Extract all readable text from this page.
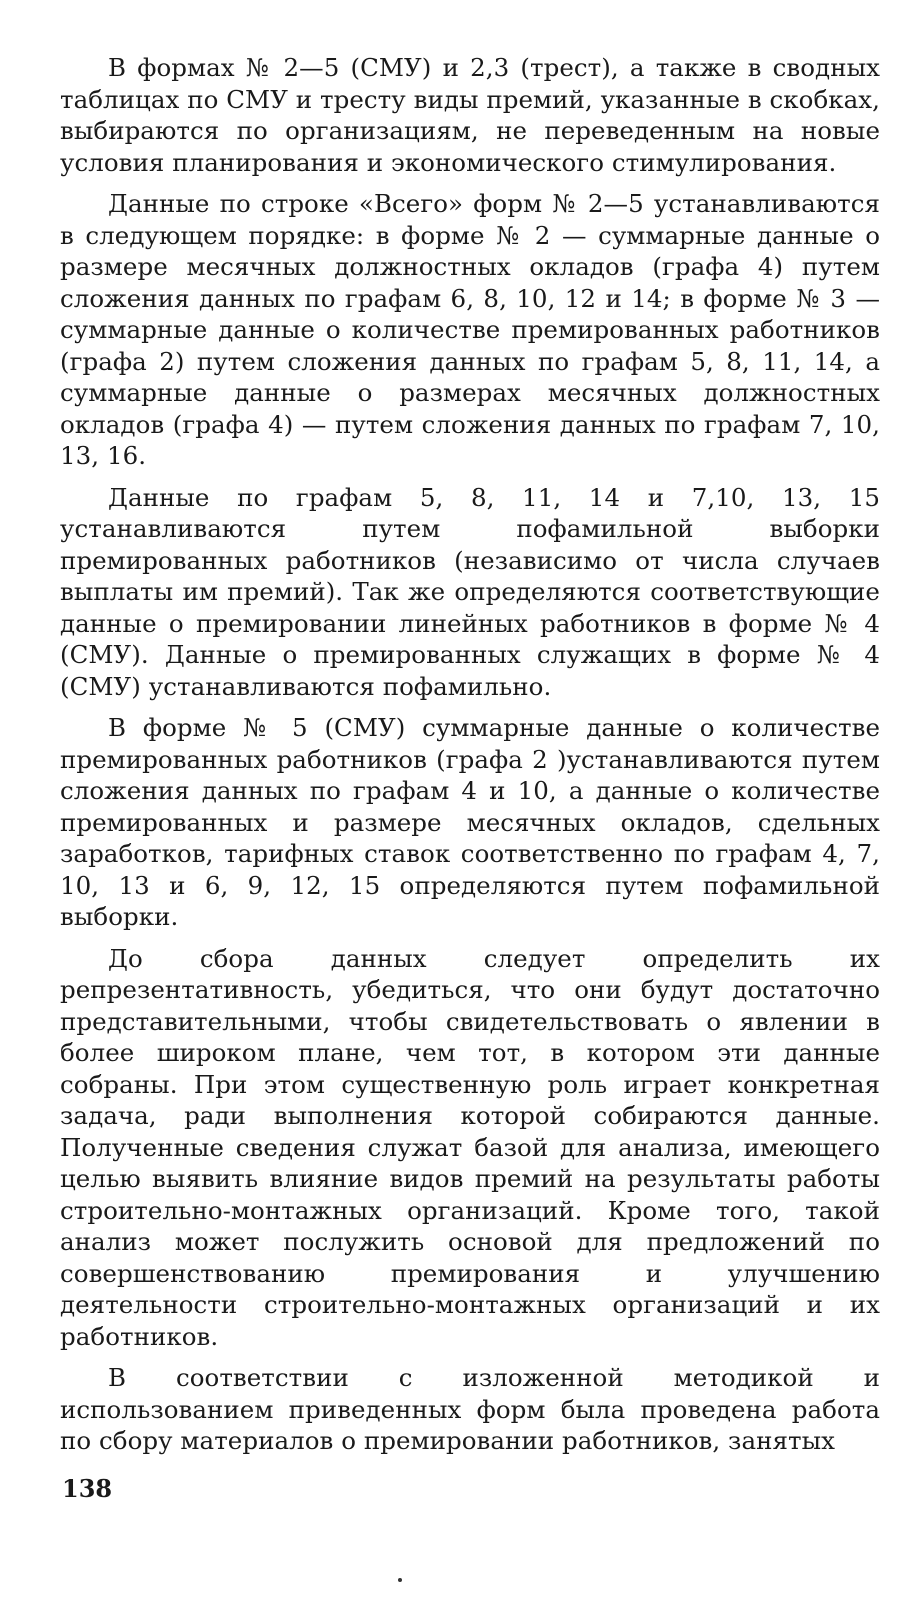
В формах № 2—5 (СМУ) и 2,3 (трест), а также в сводных таблицах по СМУ и тресту виды премий, указанные в скобках, выбираются по организациям, не переведенным на новые условия планирования и экономического стимулирования.

Данные по строке «Всего» форм № 2—5 устанавливаются в следующем порядке: в форме № 2 — суммарные данные о размере месячных должностных окладов (графа 4) путем сложения данных по графам 6, 8, 10, 12 и 14; в форме № 3 — суммарные данные о количестве премированных работников (графа 2) путем сложения данных по графам 5, 8, 11, 14, а суммарные данные о размерах месячных должностных окладов (графа 4) — путем сложения данных по графам 7, 10, 13, 16.

Данные по графам 5, 8, 11, 14 и 7,10, 13, 15 устанавливаются путем пофамильной выборки премированных работников (независимо от числа случаев выплаты им премий). Так же определяются соответствующие данные о премировании линейных работников в форме № 4 (СМУ). Данные о премированных служащих в форме № 4 (СМУ) устанавливаются пофамильно.

В форме № 5 (СМУ) суммарные данные о количестве премированных работников (графа 2 )устанавливаются путем сложения данных по графам 4 и 10, а данные о количестве премированных и размере месячных окладов, сдельных заработков, тарифных ставок соответственно по графам 4, 7, 10, 13 и 6, 9, 12, 15 определяются путем пофамильной выборки.

До сбора данных следует определить их репрезентативность, убедиться, что они будут достаточно представительными, чтобы свидетельствовать о явлении в более широком плане, чем тот, в котором эти данные собраны. При этом существенную роль играет конкретная задача, ради выполнения которой собираются данные. Полученные сведения служат базой для анализа, имеющего целью выявить влияние видов премий на результаты работы строительно-монтажных организаций. Кроме того, такой анализ может послужить основой для предложений по совершенствованию премирования и улучшению деятельности строительно-монтажных организаций и их работников.

В соответствии с изложенной методикой и использованием приведенных форм была проведена работа по сбору материалов о премировании работников, занятых

138
